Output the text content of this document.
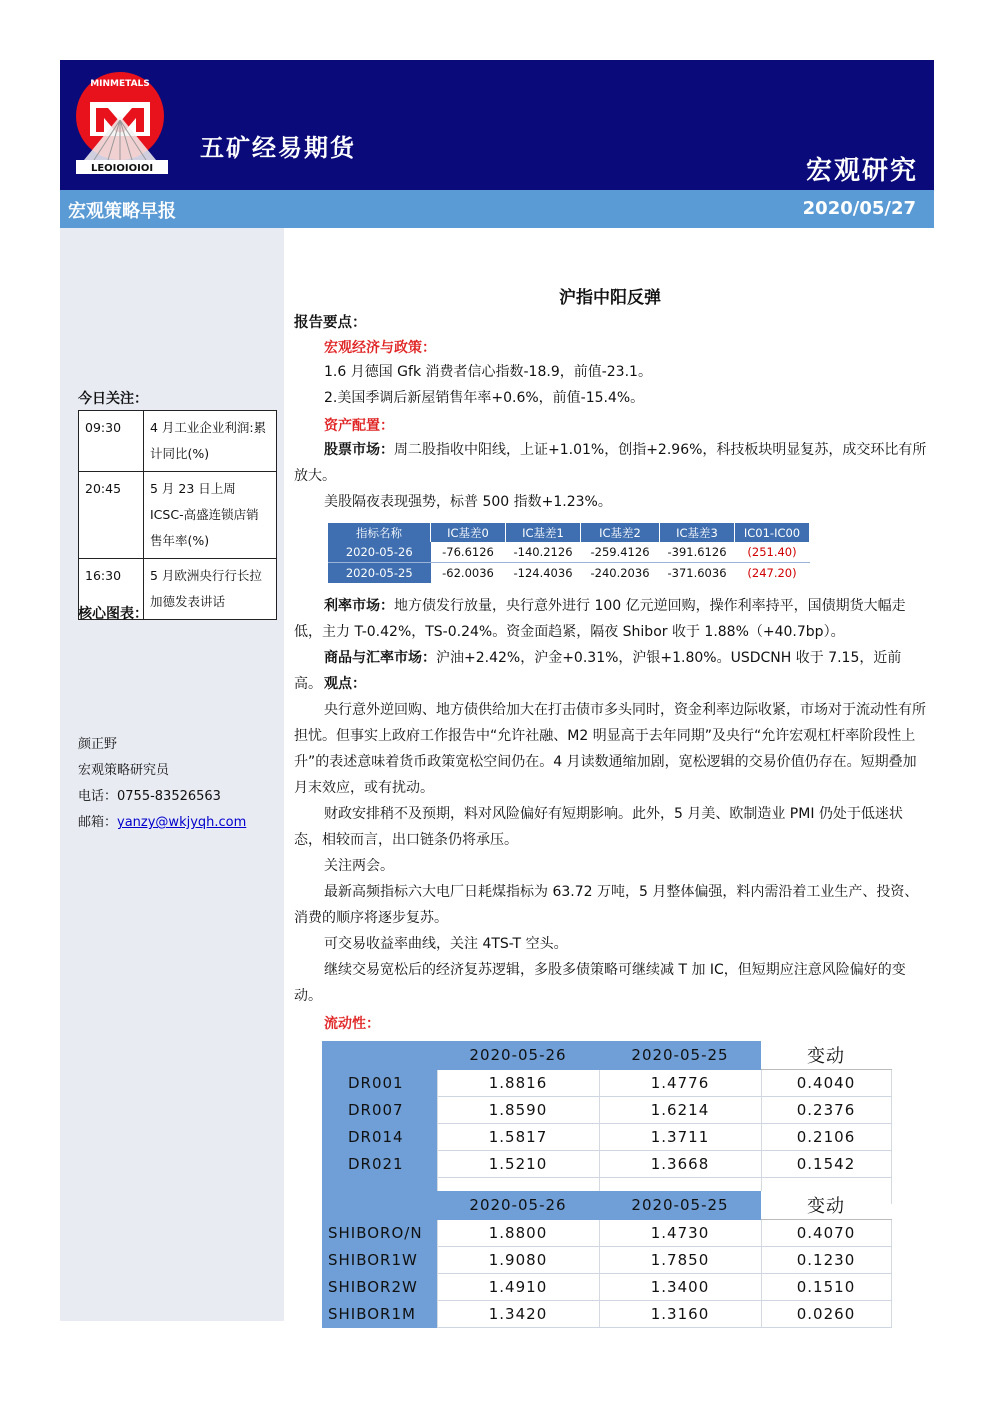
LEOIOIOIOI
MINMETALS
五矿经易期货
宏观研究
宏观策略早报	2020/05/27
今日关注：
09:30	4 月工业企业利润:累计同比(%)
20:45	5 月 23 日上周 ICSC-高盛连锁店销售年率(%)
16:30	5 月欧洲央行行长拉加德发表讲话
核心图表：
颜正野
宏观策略研究员
电话：0755-83526563
邮箱：yanzy@wkjyqh.com
沪指中阳反弹
报告要点：
宏观经济与政策：
1.6 月德国 Gfk 消费者信心指数-18.9，前值-23.1。
2.美国季调后新屋销售年率+0.6%，前值-15.4%。
资产配置：
股票市场：周二股指收中阳线，上证+1.01%，创指+2.96%，科技板块明显复苏，成交环比有所放大。
美股隔夜表现强势，标普 500 指数+1.23%。
指标名称	IC基差0	IC基差1	IC基差2	IC基差3	IC01-IC00
2020-05-26	-76.6126	-140.2126	-259.4126	-391.6126	(251.40)
2020-05-25	-62.0036	-124.4036	-240.2036	-371.6036	(247.20)
利率市场：地方债发行放量，央行意外进行 100 亿元逆回购，操作利率持平，国债期货大幅走低，主力 T-0.42%，TS-0.24%。资金面趋紧，隔夜 Shibor 收于 1.88%（+40.7bp）。
商品与汇率市场：沪油+2.42%，沪金+0.31%，沪银+1.80%。USDCNH 收于 7.15，近前高。 观点：
央行意外逆回购、地方债供给加大在打击债市多头同时，资金利率边际收紧，市场对于流动性有所担忧。但事实上政府工作报告中“允许社融、M2 明显高于去年同期”及央行“允许宏观杠杆率阶段性上升”的表述意味着货币政策宽松空间仍在。4 月读数通缩加剧，宽松逻辑的交易价值仍存在。短期叠加月末效应，或有扰动。
财政安排稍不及预期，料对风险偏好有短期影响。此外，5 月美、欧制造业 PMI 仍处于低迷状态，相较而言，出口链条仍将承压。
关注两会。
最新高频指标六大电厂日耗煤指标为 63.72 万吨，5 月整体偏强，料内需沿着工业生产、投资、消费的顺序将逐步复苏。
可交易收益率曲线，关注 4TS-T 空头。
继续交易宽松后的经济复苏逻辑，多股多债策略可继续减 T 加 IC，但短期应注意风险偏好的变动。
流动性：
	2020-05-26	2020-05-25	变动
DR001	1.8816	1.4776	0.4040
DR007	1.8590	1.6214	0.2376
DR014	1.5817	1.3711	0.2106
DR021	1.5210	1.3668	0.1542

	2020-05-26	2020-05-25	变动
SHIBORO/N	1.8800	1.4730	0.4070
SHIBOR1W	1.9080	1.7850	0.1230
SHIBOR2W	1.4910	1.3400	0.1510
SHIBOR1M	1.3420	1.3160	0.0260
